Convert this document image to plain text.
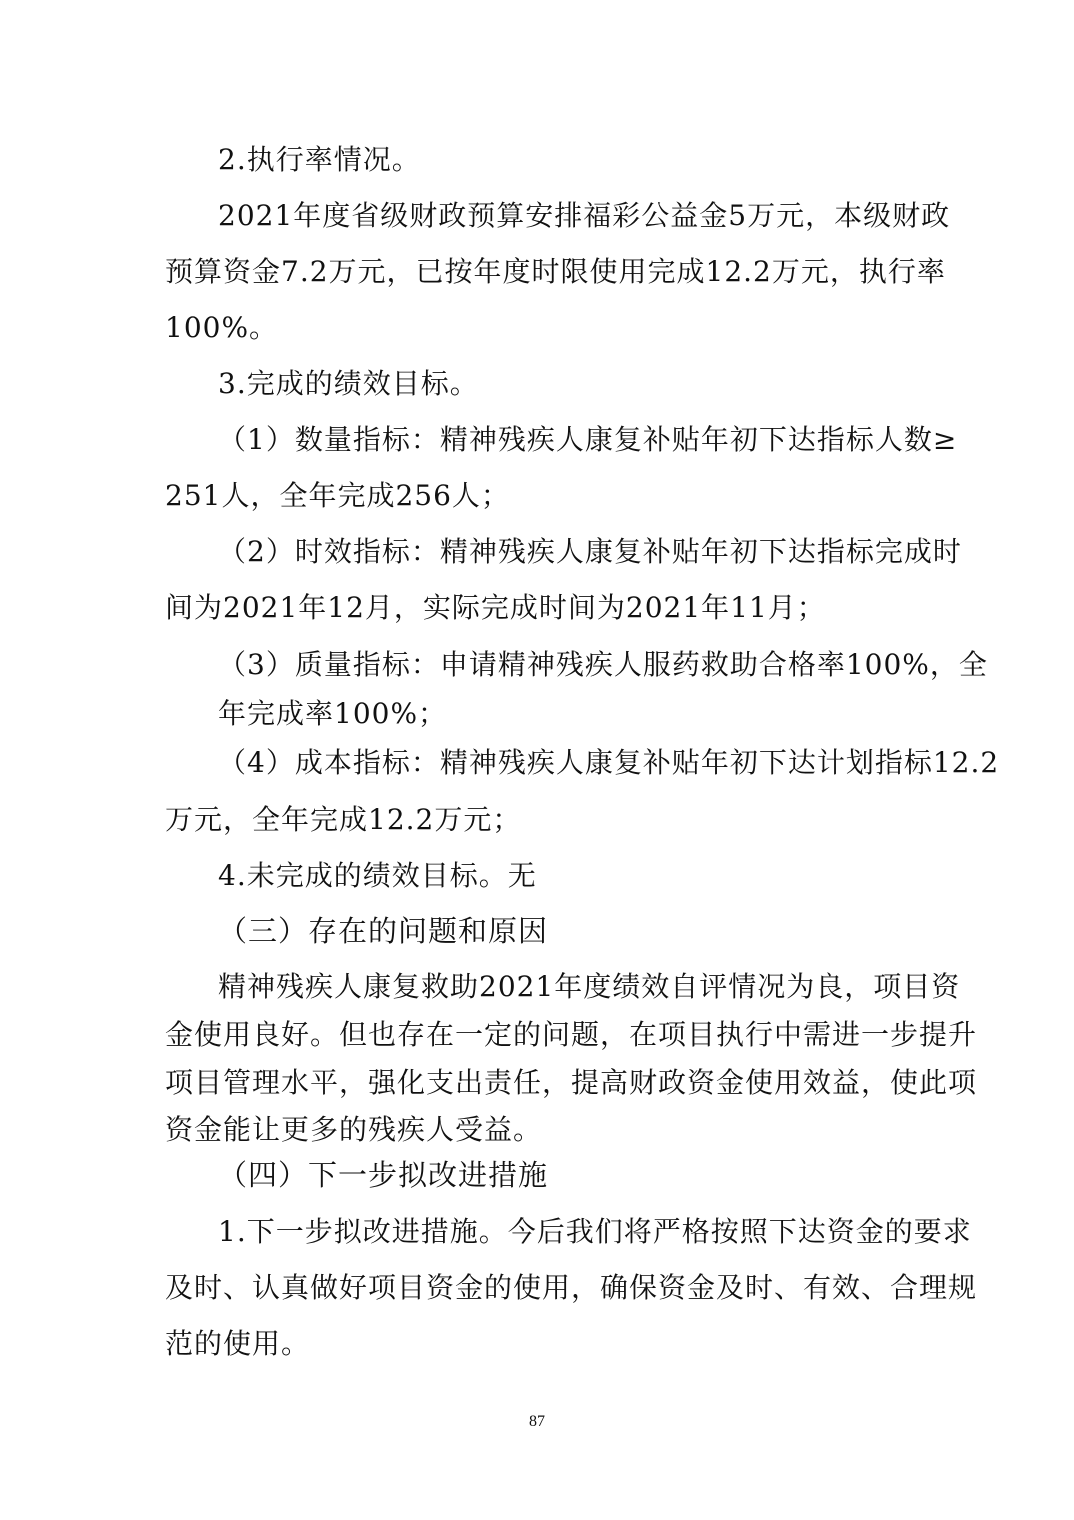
2.执行率情况。

2021年度省级财政预算安排福彩公益金5万元，本级财政

预算资金7.2万元，已按年度时限使用完成12.2万元，执行率

100%。

3.完成的绩效目标。

（1）数量指标：精神残疾人康复补贴年初下达指标人数≥

251人，全年完成256人；

（2）时效指标：精神残疾人康复补贴年初下达指标完成时

间为2021年12月，实际完成时间为2021年11月；

（3）质量指标：申请精神残疾人服药救助合格率100%，全

年完成率100%；

（4）成本指标：精神残疾人康复补贴年初下达计划指标12.2

万元，全年完成12.2万元；

4.未完成的绩效目标。无

（三）存在的问题和原因

精神残疾人康复救助2021年度绩效自评情况为良，项目资

金使用良好。但也存在一定的问题，在项目执行中需进一步提升

项目管理水平，强化支出责任，提高财政资金使用效益，使此项

资金能让更多的残疾人受益。

（四）下一步拟改进措施

1.下一步拟改进措施。今后我们将严格按照下达资金的要求

及时、认真做好项目资金的使用，确保资金及时、有效、合理规

范的使用。

87
